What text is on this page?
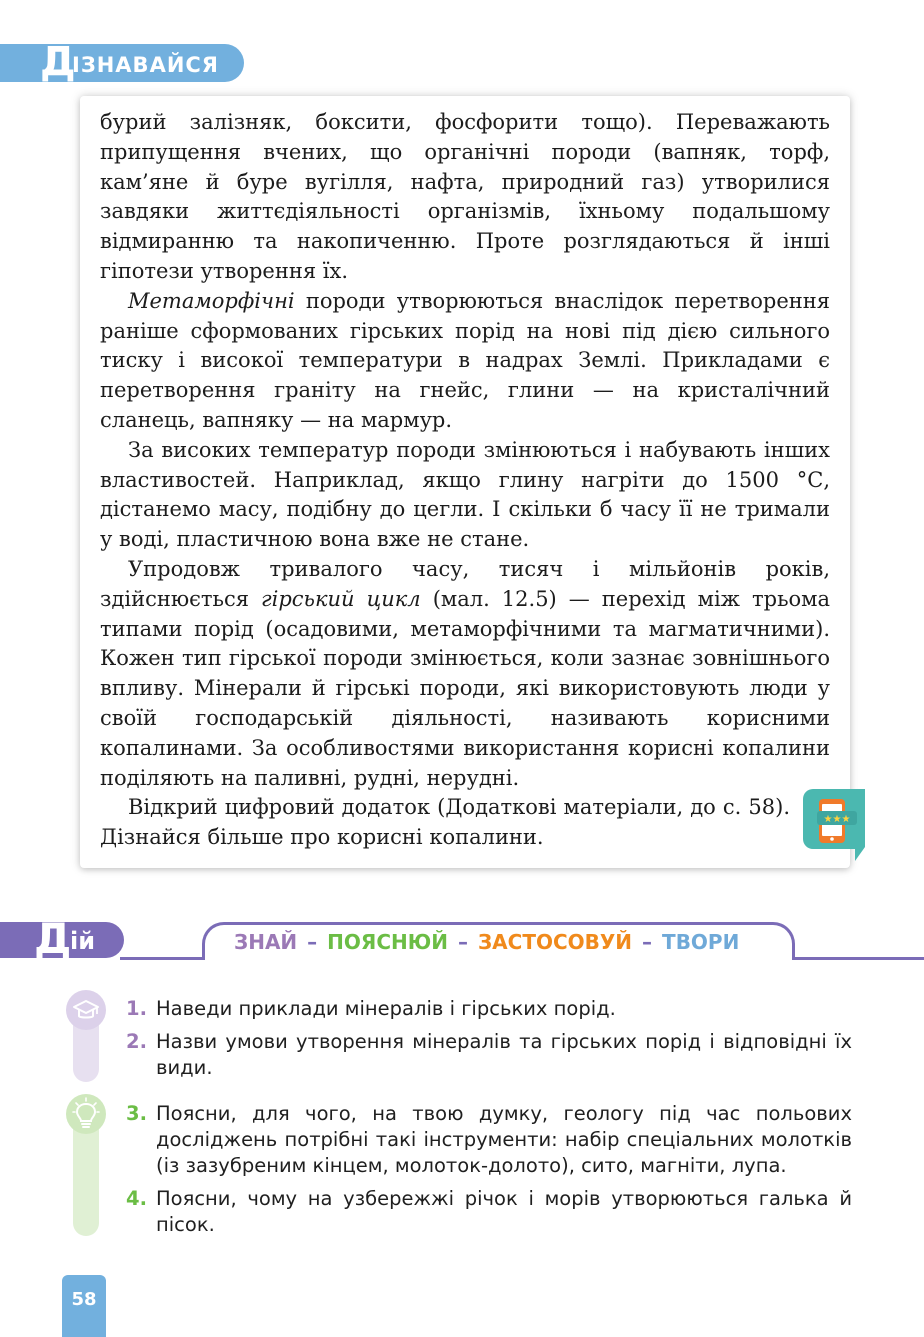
Д
ІЗНАВАЙСЯ

бурий залізняк, боксити, фосфорити тощо). Переважають припущення вчених, що органічні породи (вапняк, торф, кам’яне й буре вугілля, нафта, природний газ) утворилися завдяки життєдіяльності організмів, їхньому подальшому відмиранню та накопиченню. Проте розглядаються й інші гіпотези утворення їх.

Метаморфічні породи утворюються внаслідок перетворення раніше сформованих гірських порід на нові під дією сильного тиску і високої температури в надрах Землі. Прикладами є перетворення граніту на гнейс, глини — на кристалічний сланець, вапняку — на мармур.

За високих температур породи змінюються і набувають інших властивостей. Наприклад, якщо глину нагріти до 1500 °С, дістанемо масу, подібну до цегли. І скільки б часу її не тримали у воді, пластичною вона вже не стане.

Упродовж тривалого часу, тисяч і мільйонів років, здійснюється гірський цикл (мал. 12.5) — перехід між трьома типами порід (осадовими, метаморфічними та магматичними). Кожен тип гірської породи змінюється, коли зазнає зовнішнього впливу. Мінерали й гірські породи, які використовують люди у своїй господарській діяльності, називають корисними копалинами. За особливостями використання корисні копалини поділяють на паливні, рудні, нерудні.

Відкрий цифровий додаток (Додаткові матеріали, до с. 58). Дізнайся більше про корисні копалини.

★★★
Д
ій	ЗНАЙ – ПОЯСНЮЙ – ЗАСТОСОВУЙ – ТВОРИ
1. Наведи приклади мінералів і гірських порід.
2. Назви умови утворення мінералів та гірських порід і відповідні їх види.
3. Поясни, для чого, на твою думку, геологу під час польових досліджень потрібні такі інструменти: набір спеціальних молотків (із зазубреним кінцем, молоток-долото), сито, магніти, лупа.
4. Поясни, чому на узбережжі річок і морів утворюються галька й пісок.
58
